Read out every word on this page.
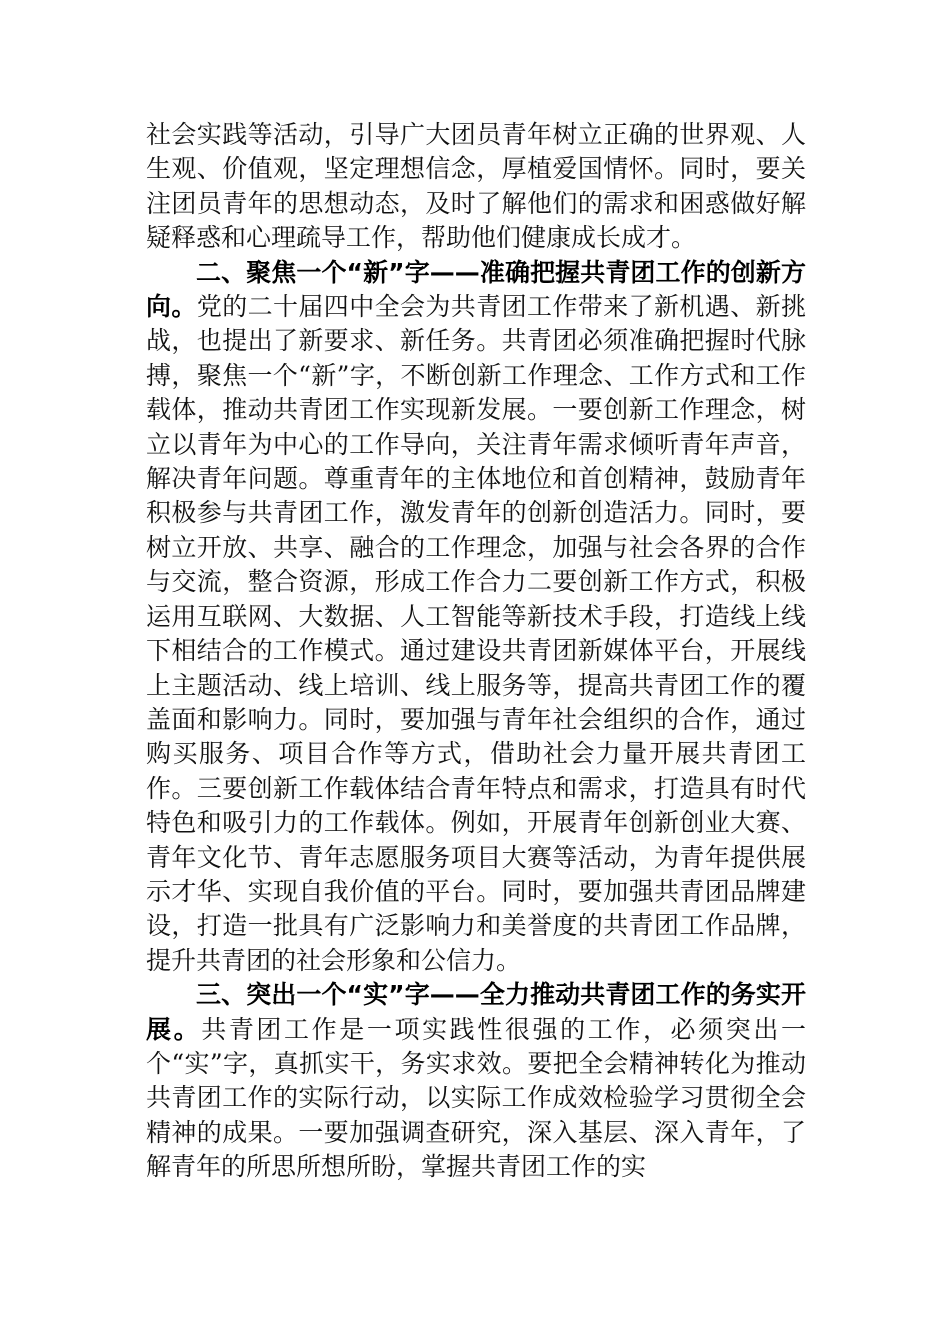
社会实践等活动，引导广大团员青年树立正确的世界观、人生观、价值观，坚定理想信念，厚植爱国情怀。同时，要关注团员青年的思想动态，及时了解他们的需求和困惑做好解疑释惑和心理疏导工作，帮助他们健康成长成才。

二、聚焦一个“新”字——准确把握共青团工作的创新方向。党的二十届四中全会为共青团工作带来了新机遇、新挑战，也提出了新要求、新任务。共青团必须准确把握时代脉搏，聚焦一个“新”字，不断创新工作理念、工作方式和工作载体，推动共青团工作实现新发展。一要创新工作理念，树立以青年为中心的工作导向，关注青年需求倾听青年声音，解决青年问题。尊重青年的主体地位和首创精神，鼓励青年积极参与共青团工作，激发青年的创新创造活力。同时，要树立开放、共享、融合的工作理念，加强与社会各界的合作与交流，整合资源，形成工作合力二要创新工作方式，积极运用互联网、大数据、人工智能等新技术手段，打造线上线下相结合的工作模式。通过建设共青团新媒体平台，开展线上主题活动、线上培训、线上服务等，提高共青团工作的覆盖面和影响力。同时，要加强与青年社会组织的合作，通过购买服务、项目合作等方式，借助社会力量开展共青团工作。三要创新工作载体结合青年特点和需求，打造具有时代特色和吸引力的工作载体。例如，开展青年创新创业大赛、青年文化节、青年志愿服务项目大赛等活动，为青年提供展示才华、实现自我价值的平台。同时，要加强共青团品牌建设，打造一批具有广泛影响力和美誉度的共青团工作品牌，提升共青团的社会形象和公信力。

三、突出一个“实”字——全力推动共青团工作的务实开展。共青团工作是一项实践性很强的工作，必须突出一个“实”字，真抓实干，务实求效。要把全会精神转化为推动共青团工作的实际行动，以实际工作成效检验学习贯彻全会精神的成果。一要加强调查研究，深入基层、深入青年，了解青年的所思所想所盼，掌握共青团工作的实
